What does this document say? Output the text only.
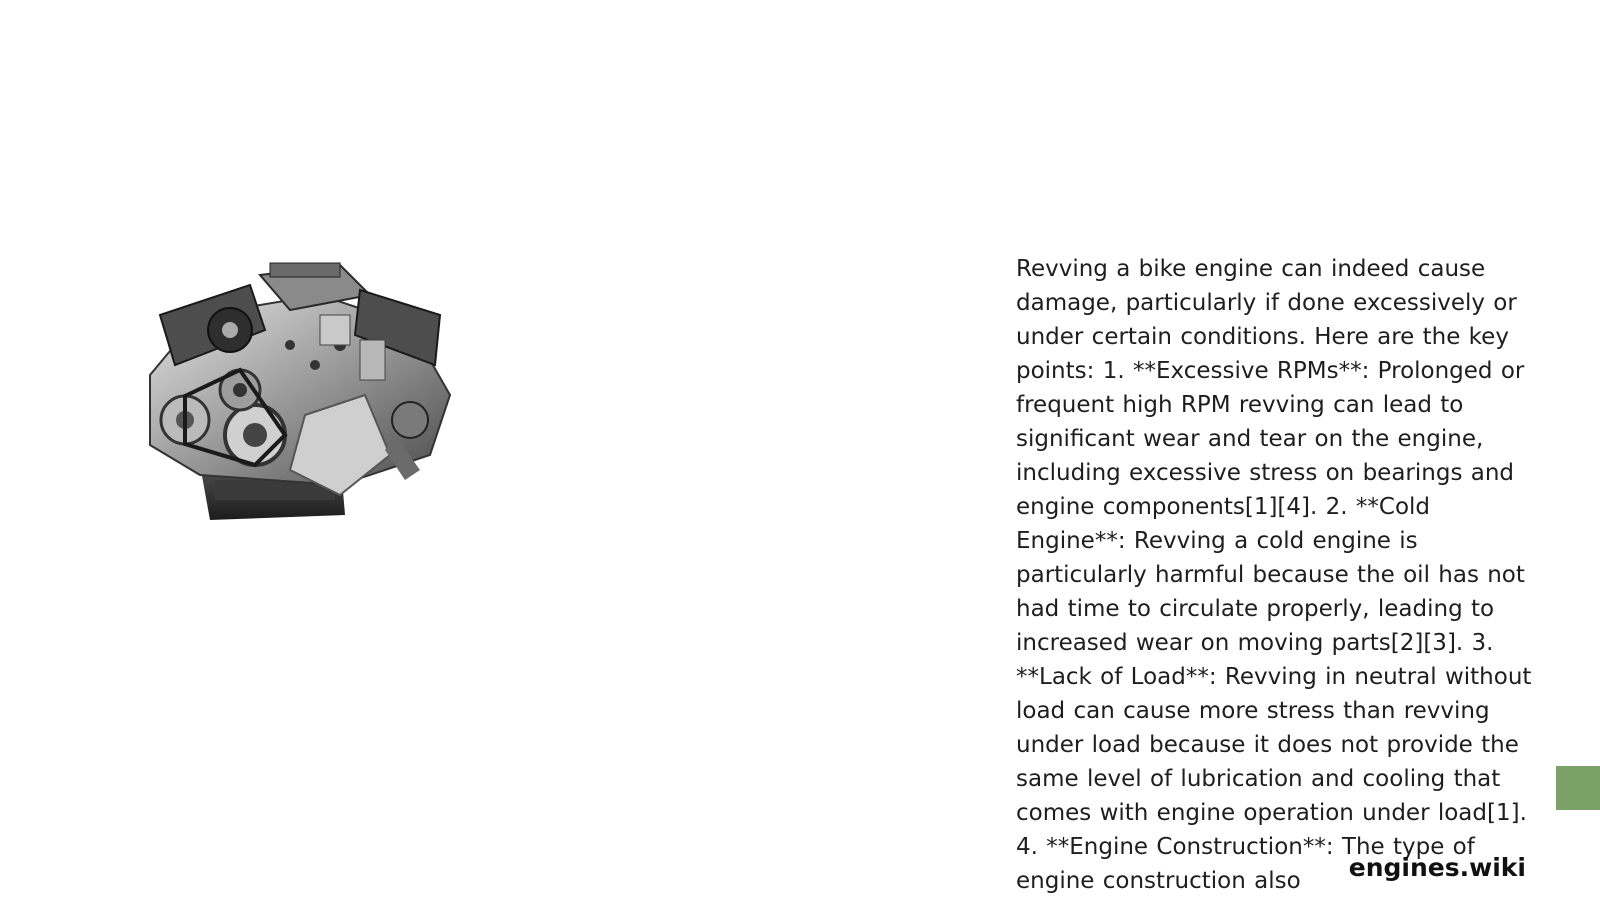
Revving a bike engine can indeed cause damage, particularly if done excessively or under certain conditions. Here are the key points: 1. **Excessive RPMs**: Prolonged or frequent high RPM revving can lead to significant wear and tear on the engine, including excessive stress on bearings and engine components[1][4]. 2. **Cold Engine**: Revving a cold engine is particularly harmful because the oil has not had time to circulate properly, leading to increased wear on moving parts[2][3]. 3. **Lack of Load**: Revving in neutral without load can cause more stress than revving under load because it does not provide the same level of lubrication and cooling that comes with engine operation under load[1]. 4. **Engine Construction**: The type of engine construction also	engines.wiki
